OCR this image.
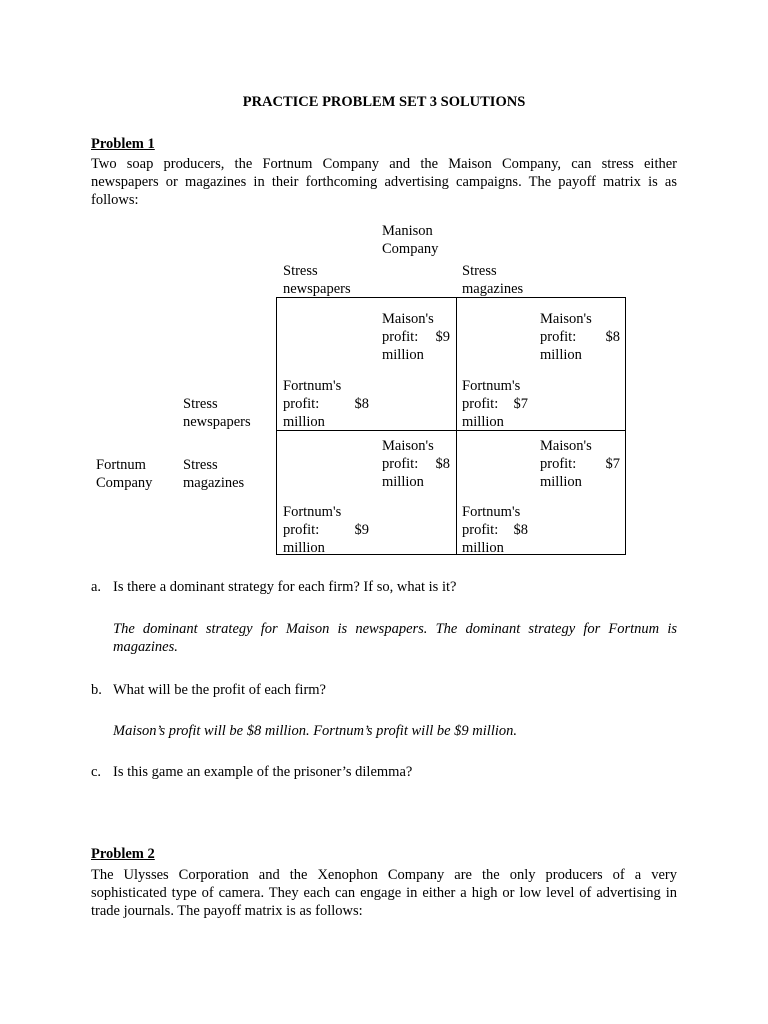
PRACTICE PROBLEM SET 3 SOLUTIONS
Problem 1

Two soap producers, the Fortnum Company and the Maison Company, can stress either

newspapers or magazines in their forthcoming advertising campaigns. The payoff matrix is as

follows:

Manison
Company
Stress
newspapers
Stress
magazines
Fortnum
Company
Stress
newspapers
Stress
magazines
Maison's
profit: $9
million
Fortnum's
profit: $8
million
Maison's
profit: $8
million
Fortnum's
profit: $7
million
Maison's
profit: $8
million
Fortnum's
profit: $9
million
Maison's
profit: $7
million
Fortnum's
profit: $8
million
a. Is there a dominant strategy for each firm? If so, what is it?
The dominant strategy for Maison is newspapers. The dominant strategy for Fortnum is
magazines.
b. What will be the profit of each firm?
Maison’s profit will be $8 million. Fortnum’s profit will be $9 million.
c. Is this game an example of the prisoner’s dilemma?
Problem 2

The Ulysses Corporation and the Xenophon Company are the only producers of a very

sophisticated type of camera. They each can engage in either a high or low level of advertising in

trade journals. The payoff matrix is as follows:
